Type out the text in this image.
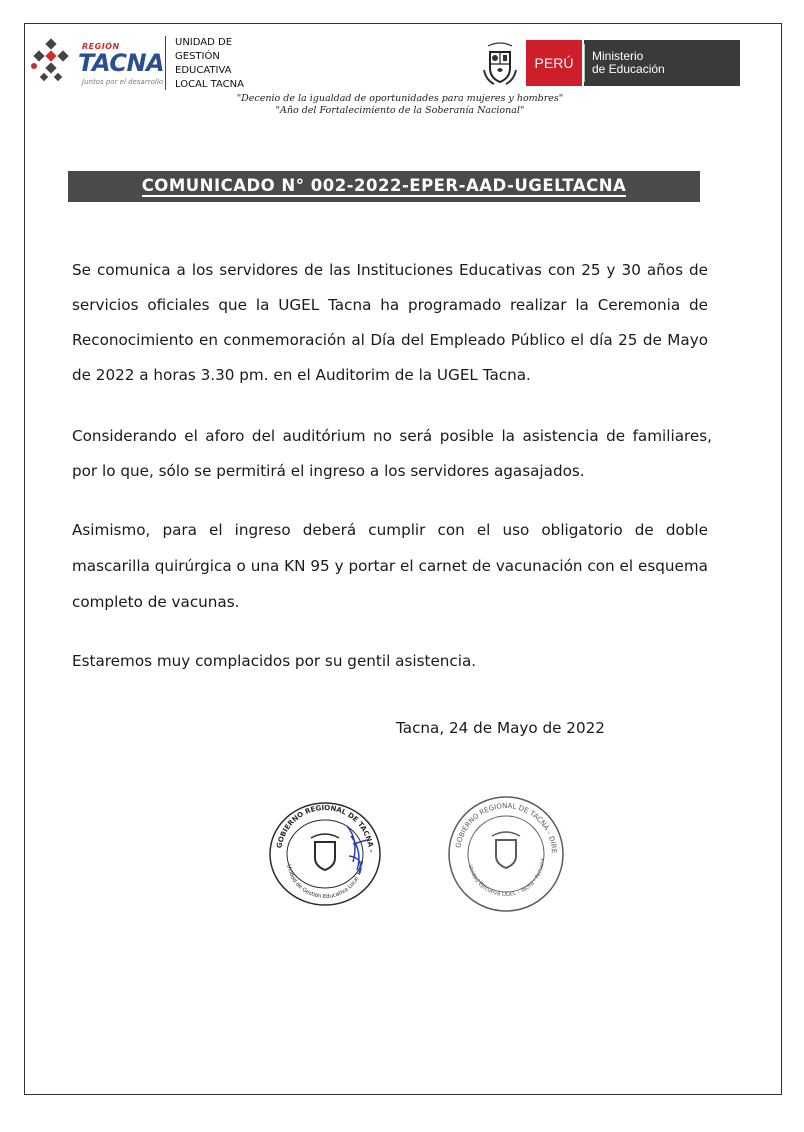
REGIÓN
TACNA
Juntos por el desarrollo
UNIDAD DE
GESTIÓN
EDUCATIVA
LOCAL TACNA
PERÚ	Ministerio
de Educación
"Decenio de la igualdad de oportunidades para mujeres y hombres"
"Año del Fortalecimiento de la Soberanía Nacional"
COMUNICADO N° 002-2022-EPER-AAD-UGELTACNA

Se comunica a los servidores de las Instituciones Educativas con 25 y 30 años de servicios oficiales que la UGEL Tacna ha programado realizar la Ceremonia de Reconocimiento en conmemoración al Día del Empleado Público el día 25 de Mayo de 2022 a horas 3.30 pm. en el Auditorim de la UGEL Tacna.

Considerando el aforo del auditórium no será posible la asistencia de familiares, por lo que, sólo se permitirá el ingreso a los servidores agasajados.

Asimismo, para el ingreso deberá cumplir con el uso obligatorio de doble mascarilla quirúrgica o una KN 95 y portar el carnet de vacunación con el esquema completo de vacunas.

Estaremos muy complacidos por su gentil asistencia.

Tacna, 24 de Mayo de 2022
GOBIERNO REGIONAL DE TACNA -
Unidad de Gestión Educativa Local Tacna
GOBIERNO REGIONAL DE TACNA - DIRE
Unidad Ejecutiva UGEL - Tacna - Persona
